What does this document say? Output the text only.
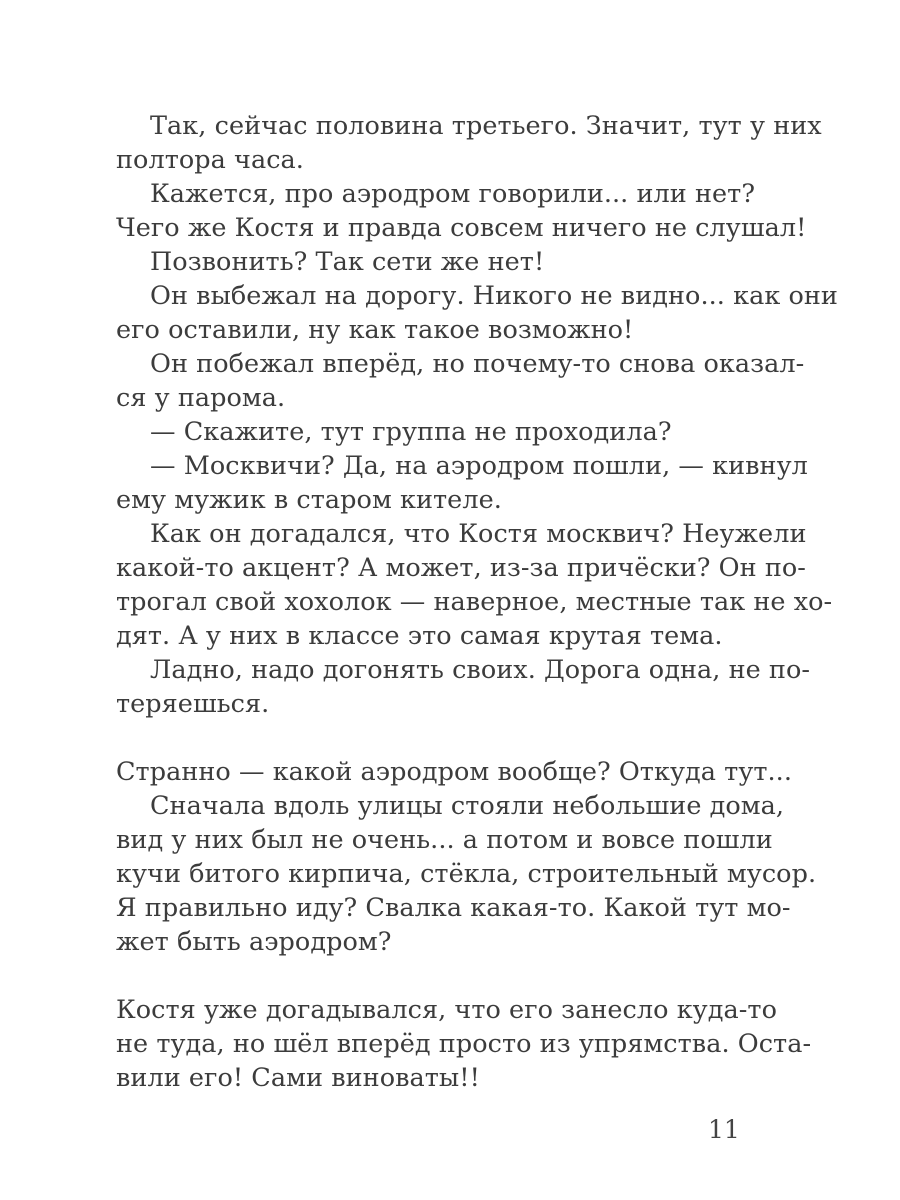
Так, сейчас половина третьего. Значит, тут у них
полтора часа.
Кажется, про аэродром говорили... или нет?
Чего же Костя и правда совсем ничего не слушал!
Позвонить? Так сети же нет!
Он выбежал на дорогу. Никого не видно... как они
его оставили, ну как такое возможно!
Он побежал вперёд, но почему-то снова оказал-
ся у парома.
— Скажите, тут группа не проходила?
— Москвичи? Да, на аэродром пошли, — кивнул
ему мужик в старом кителе.
Как он догадался, что Костя москвич? Неужели
какой-то акцент? А может, из-за причёски? Он по-
трогал свой хохолок — наверное, местные так не хо-
дят. А у них в классе это самая крутая тема.
Ладно, надо догонять своих. Дорога одна, не по-
теряешься.
Странно — какой аэродром вообще? Откуда тут...
Сначала вдоль улицы стояли небольшие дома,
вид у них был не очень... а потом и вовсе пошли
кучи битого кирпича, стёкла, строительный мусор.
Я правильно иду? Свалка какая-то. Какой тут мо-
жет быть аэродром?
Костя уже догадывался, что его занесло куда-то
не туда, но шёл вперёд просто из упрямства. Оста-
вили его! Сами виноваты!!
11
